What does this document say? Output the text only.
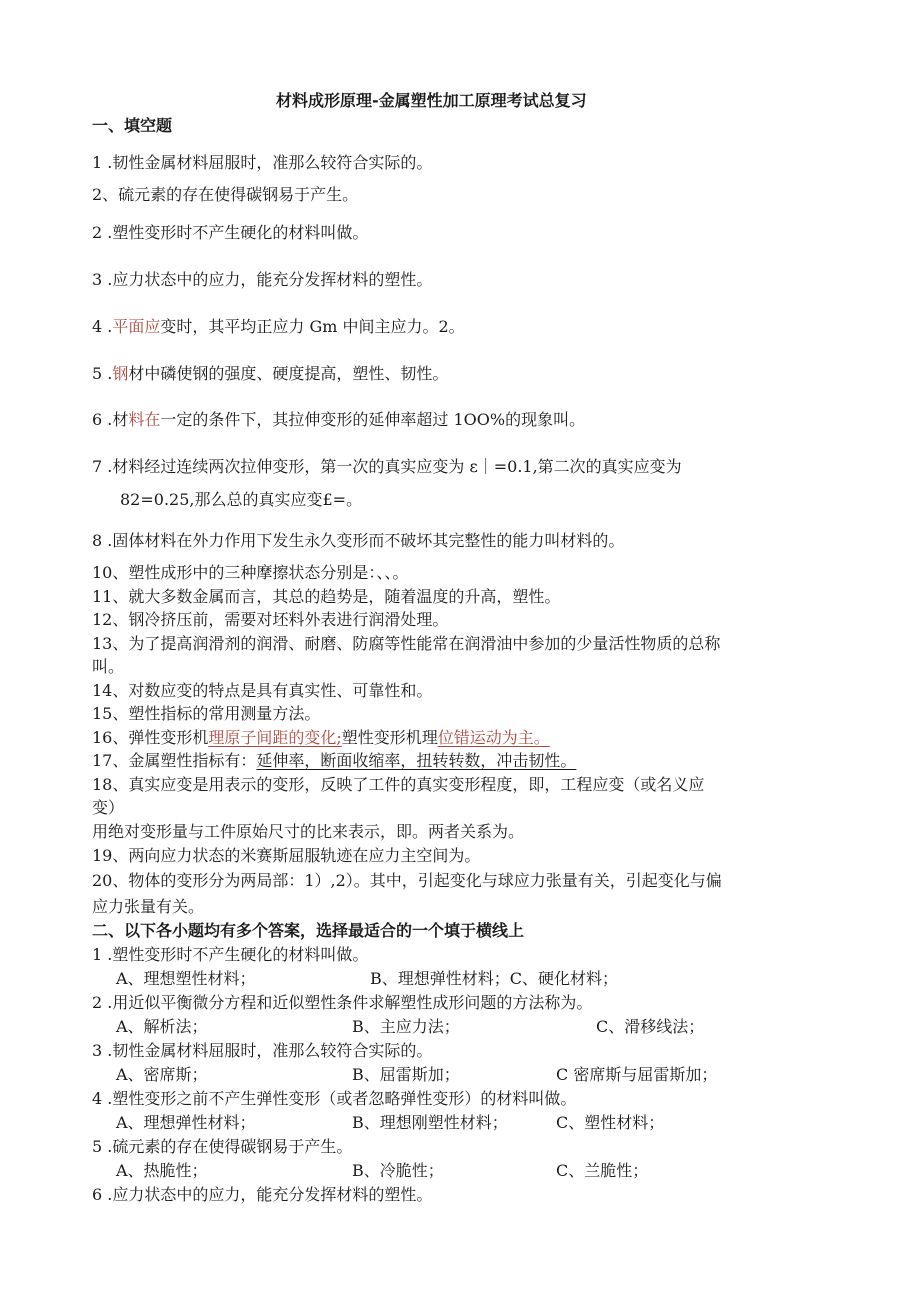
材料成形原理-金属塑性加工原理考试总复习
一、填空题
1 .韧性金属材料屈服时，准那么较符合实际的。
2、硫元素的存在使得碳钢易于产生。
2 .塑性变形时不产生硬化的材料叫做。
3 .应力状态中的应力，能充分发挥材料的塑性。
4 .平面应变时，其平均正应力 Gm 中间主应力。2。
5 .钢材中磷使钢的强度、硬度提高，塑性、韧性。
6 .材料在一定的条件下，其拉伸变形的延伸率超过 1OO%的现象叫。
7 .材料经过连续两次拉伸变形，第一次的真实应变为 ε｜=0.1,第二次的真实应变为
82=0.25,那么总的真实应变£=。
8 .固体材料在外力作用下发生永久变形而不破坏其完整性的能力叫材料的。
10、塑性成形中的三种摩擦状态分别是：、、。
11、就大多数金属而言，其总的趋势是，随着温度的升高，塑性。
12、钢冷挤压前，需要对坯料外表进行润滑处理。
13、为了提高润滑剂的润滑、耐磨、防腐等性能常在润滑油中参加的少量活性物质的总称
叫。
14、对数应变的特点是具有真实性、可靠性和。
15、塑性指标的常用测量方法。
16、弹性变形机理原子间距的变化;塑性变形机理位错运动为主。
17、金属塑性指标有：延伸率，断面收缩率，扭转转数，冲击韧性。
18、真实应变是用表示的变形，反映了工件的真实变形程度，即，工程应变（或名义应
变）
用绝对变形量与工件原始尺寸的比来表示，即。两者关系为。
19、两向应力状态的米赛斯屈服轨迹在应力主空间为。
20、物体的变形分为两局部：1）,2）。其中，引起变化与球应力张量有关，引起变化与偏
应力张量有关。
二、以下各小题均有多个答案，选择最适合的一个填于横线上
1 .塑性变形时不产生硬化的材料叫做。
A、理想塑性材料；	B、理想弹性材料；C、硬化材料；
2 .用近似平衡微分方程和近似塑性条件求解塑性成形问题的方法称为。
A、解析法；	B、主应力法；	C、滑移线法；
3 .韧性金属材料屈服时，准那么较符合实际的。
A、密席斯；	B、屈雷斯加；	C 密席斯与屈雷斯加；
4 .塑性变形之前不产生弹性变形（或者忽略弹性变形）的材料叫做。
A、理想弹性材料；	B、理想刚塑性材料；	C、塑性材料；
5 .硫元素的存在使得碳钢易于产生。
A、热脆性；	B、冷脆性；	C、兰脆性；
6 .应力状态中的应力，能充分发挥材料的塑性。
